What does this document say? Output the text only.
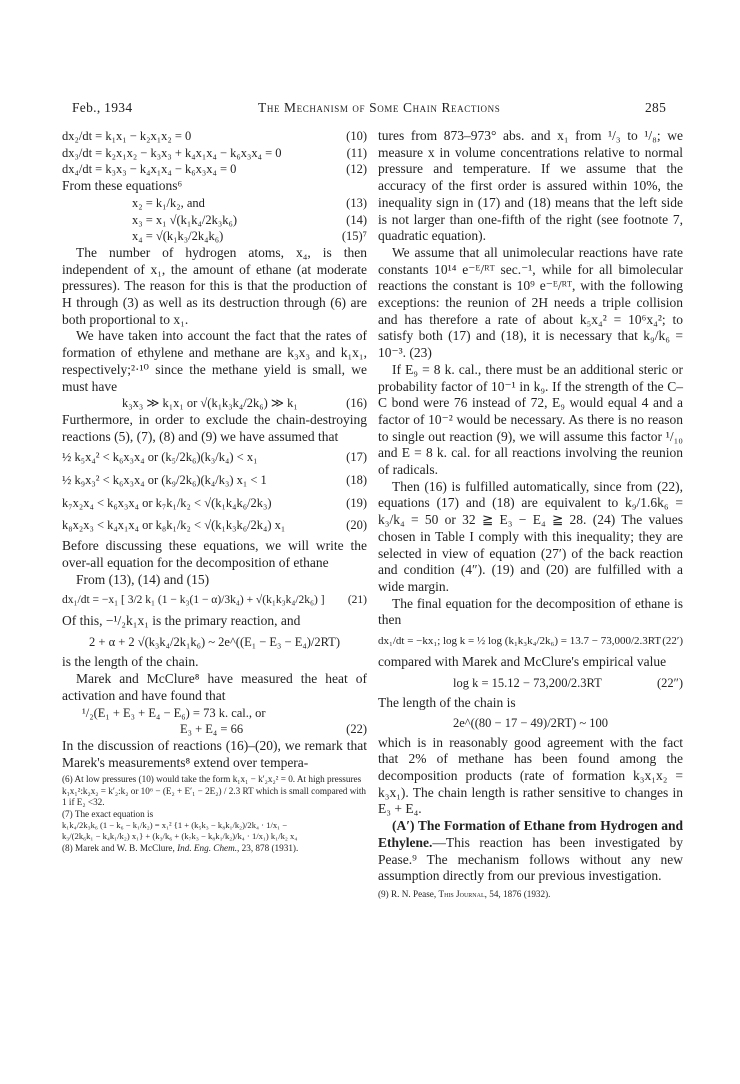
Feb., 1934	The Mechanism of Some Chain Reactions	285
dx₂/dt = k₁x₁ − k₂x₁x₂ = 0	(10)
dx₃/dt = k₂x₁x₂ − k₃x₃ + k₄x₁x₄ − k₆x₃x₄ = 0	(11)
dx₄/dt = k₃x₃ − k₄x₁x₄ − k₆x₃x₄ = 0	(12)

From these equations⁶

x₂ = k₁/k₂, and	(13)
x₃ = x₁ √(k₁k₄/2k₃k₆)	(14)
x₄ = √(k₁k₃/2k₄k₆)	(15)⁷

The number of hydrogen atoms, x₄, is then independent of x₁, the amount of ethane (at moderate pressures). The reason for this is that the production of H through (3) as well as its destruction through (6) are both proportional to x₁.

We have taken into account the fact that the rates of formation of ethylene and methane are k₃x₃ and k₁x₁, respectively;²·¹⁰ since the methane yield is small, we must have

k₃x₃ ≫ k₁x₁ or √(k₁k₃k₄/2k₆) ≫ k₁	(16)

Furthermore, in order to exclude the chain-destroying reactions (5), (7), (8) and (9) we have assumed that

½ k₅x₄² < k₆x₃x₄ or (k₅/2k₆)(k₃/k₄) < x₁	(17)
½ k₉x₃² < k₆x₃x₄ or (k₉/2k₆)(k₄/k₃) x₁ < 1	(18)
k₇x₂x₄ < k₆x₃x₄ or k₇k₁/k₂ < √(k₁k₄k₆/2k₃)	(19)
k₈x₂x₃ < k₄x₁x₄ or k₈k₁/k₂ < √(k₁k₃k₆/2k₄) x₁	(20)

Before discussing these equations, we will write the over-all equation for the decomposition of ethane

From (13), (14) and (15)

dx₁/dt = −x₁ [ 3/2 k₁ (1 − k₃(1 − α)/3k₄) + √(k₁k₃k₄/2k₆) ] (21)

Of this, −¹/₂k₁x₁ is the primary reaction, and

2 + α + 2 √(k₃k₄/2k₁k₆) ~ 2e^((E₁ − E₃ − E₄)/2RT)

is the length of the chain.

Marek and McClure⁸ have measured the heat of activation and have found that

¹/₂(E₁ + E₃ + E₄ − E₆) = 73 k. cal., or
E₃ + E₄ = 66	(22)

In the discussion of reactions (16)–(20), we remark that Marek's measurements⁸ extend over tempera-

(6) At low pressures (10) would take the form k₁x₁ − k′₂x₂² = 0. At high pressures k₁x₁²:k₂x₂ = k′₂:k₂ or 10⁶ − (E₂ + E′₁ − 2E₂) / 2.3 RT which is small compared with 1 if E₂ <32.

(7) The exact equation is

k₁k₄/2k₃k₆ (1 − k₆ − k₁/k₂) = x₁² {1 + (k₅k₃ − k₈k₁/k₂)/2k₄ · 1/x₁ −

k₃/(2k₆k₁ − k₄k₁/k₂) x₁} + (k₃/k₆ + (k₇k₃ − k₈k₁/k₂)/k₄ · 1/x₁) k₁/k₂ x₄

(8) Marek and W. B. McClure, Ind. Eng. Chem., 23, 878 (1931).

tures from 873–973° abs. and x₁ from ¹/₃ to ¹/₈; we measure x in volume concentrations relative to normal pressure and temperature. If we assume that the accuracy of the first order is assured within 10%, the inequality sign in (17) and (18) means that the left side is not larger than one-fifth of the right (see footnote 7, quadratic equation).

We assume that all unimolecular reactions have rate constants 10¹⁴ e⁻ᴱ/ᴿᵀ sec.⁻¹, while for all bimolecular reactions the constant is 10⁹ e⁻ᴱ/ᴿᵀ, with the following exceptions: the reunion of 2H needs a triple collision and has therefore a rate of about k₅x₄² = 10⁶x₄²; to satisfy both (17) and (18), it is necessary that k₉/k₆ = 10⁻³. (23)

If E₉ = 8 k. cal., there must be an additional steric or probability factor of 10⁻¹ in k₉. If the strength of the C–C bond were 76 instead of 72, E₉ would equal 4 and a factor of 10⁻² would be necessary. As there is no reason to single out reaction (9), we will assume this factor ¹/₁₀ and E = 8 k. cal. for all reactions involving the reunion of radicals.

Then (16) is fulfilled automatically, since from (22), equations (17) and (18) are equivalent to k₉/1.6k₆ = k₃/k₄ = 50 or 32 ≧ E₃ − E₄ ≧ 28. (24) The values chosen in Table I comply with this inequality; they are selected in view of equation (27′) of the back reaction and condition (4″). (19) and (20) are fulfilled with a wide margin.

The final equation for the decomposition of ethane is then

dx₁/dt = −kx₁; log k = ½ log (k₁k₃k₄/2k₆) = 13.7 − 73,000/2.3RT (22′)

compared with Marek and McClure's empirical value

log k = 15.12 − 73,200/2.3RT	(22″)

The length of the chain is

2e^((80 − 17 − 49)/2RT) ~ 100

which is in reasonably good agreement with the fact that 2% of methane has been found among the decomposition products (rate of formation k₃x₁x₂ = k₃x₁). The chain length is rather sensitive to changes in E₃ + E₄.

(A′) The Formation of Ethane from Hydrogen and Ethylene.—This reaction has been investigated by Pease.⁹ The mechanism follows without any new assumption directly from our previous investigation.

(9) R. N. Pease, This Journal, 54, 1876 (1932).
